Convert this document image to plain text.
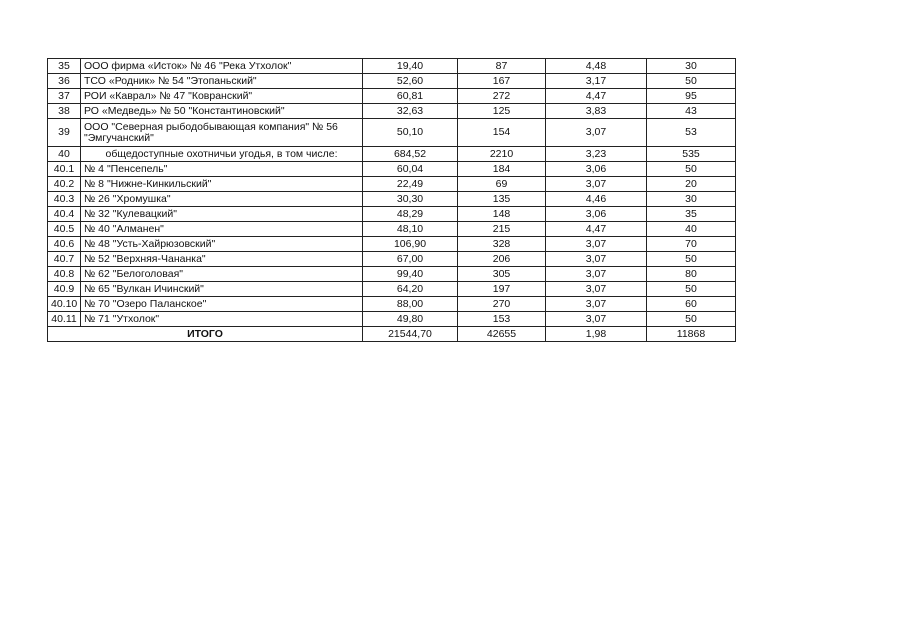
35	ООО фирма «Исток» № 46 "Река Утхолок"	19,40	87	4,48	30
36	ТСО «Родник» № 54 "Этопаньский"	52,60	167	3,17	50
37	РОИ «Каврал» № 47 "Ковранский"	60,81	272	4,47	95
38	РО «Медведь» № 50 "Константиновский"	32,63	125	3,83	43
39	ООО "Северная рыбодобывающая компания" № 56 "Эмгучанский"	50,10	154	3,07	53
40	общедоступные охотничьи угодья, в том числе:	684,52	2210	3,23	535
40.1	№ 4 "Пенсепель"	60,04	184	3,06	50
40.2	№ 8 "Нижне-Кинкильский"	22,49	69	3,07	20
40.3	№ 26 "Хромушка"	30,30	135	4,46	30
40.4	№ 32 "Кулевацкий"	48,29	148	3,06	35
40.5	№ 40 "Алманен"	48,10	215	4,47	40
40.6	№ 48 "Усть-Хайрюзовский"	106,90	328	3,07	70
40.7	№ 52 "Верхняя-Чананка"	67,00	206	3,07	50
40.8	№ 62 "Белоголовая"	99,40	305	3,07	80
40.9	№ 65 "Вулкан Ичинский"	64,20	197	3,07	50
40.10	№ 70 "Озеро Паланское"	88,00	270	3,07	60
40.11	№ 71 "Утхолок"	49,80	153	3,07	50
ИТОГО		21544,70	42655	1,98	11868
